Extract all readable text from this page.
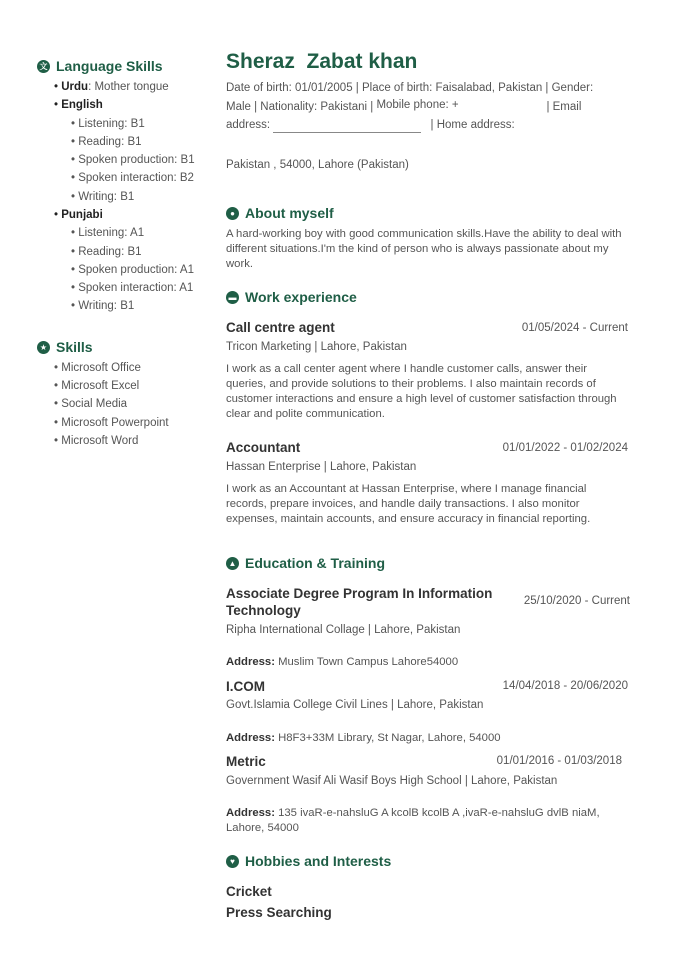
文 Language Skills
• Urdu: Mother tongue
• English
• Listening: B1
• Reading: B1
• Spoken production: B1
• Spoken interaction: B2
• Writing: B1
• Punjabi
• Listening: A1
• Reading: B1
• Spoken production: A1
• Spoken interaction: A1
• Writing: B1
★ Skills
• Microsoft Office
• Microsoft Excel
• Social Media
• Microsoft Powerpoint
• Microsoft Word
Sheraz  Zabat khan
Date of birth: 01/01/2005 | Place of birth: Faisalabad, Pakistan | Gender:
Male | Nationality: Pakistani | Mobile phone: +	| Email
address:	| Home address:
Pakistan , 54000, Lahore (Pakistan)
● About myself
A hard-working boy with good communication skills.Have the ability to deal with different situations.I'm the kind of person who is always passionate about my work.
▬ Work experience
Call centre agent	01/05/2024 - Current
Tricon Marketing | Lahore, Pakistan
I work as a call center agent where I handle customer calls, answer their queries, and provide solutions to their problems. I also maintain records of customer interactions and ensure a high level of customer satisfaction through clear and polite communication.
Accountant	01/01/2022 - 01/02/2024
Hassan Enterprise | Lahore, Pakistan
I work as an Accountant at Hassan Enterprise, where I manage financial records, prepare invoices, and handle daily transactions. I also monitor expenses, maintain accounts, and ensure accuracy in financial reporting.
▲ Education & Training
Associate Degree Program In Information Technology
25/10/2020 - Current
Ripha International Collage | Lahore, Pakistan
Address: Muslim Town Campus Lahore54000
I.COM	14/04/2018 - 20/06/2020
Govt.Islamia College Civil Lines | Lahore, Pakistan
Address: H8F3+33M Library, St Nagar, Lahore, 54000
Metric	01/01/2016 - 01/03/2018
Government Wasif Ali Wasif Boys High School | Lahore, Pakistan
Address: 135 ivaR-e-nahsluG A kcolB kcolB A ,ivaR-e-nahsluG dvlB niaM, Lahore, 54000
♥ Hobbies and Interests
Cricket
Press Searching
